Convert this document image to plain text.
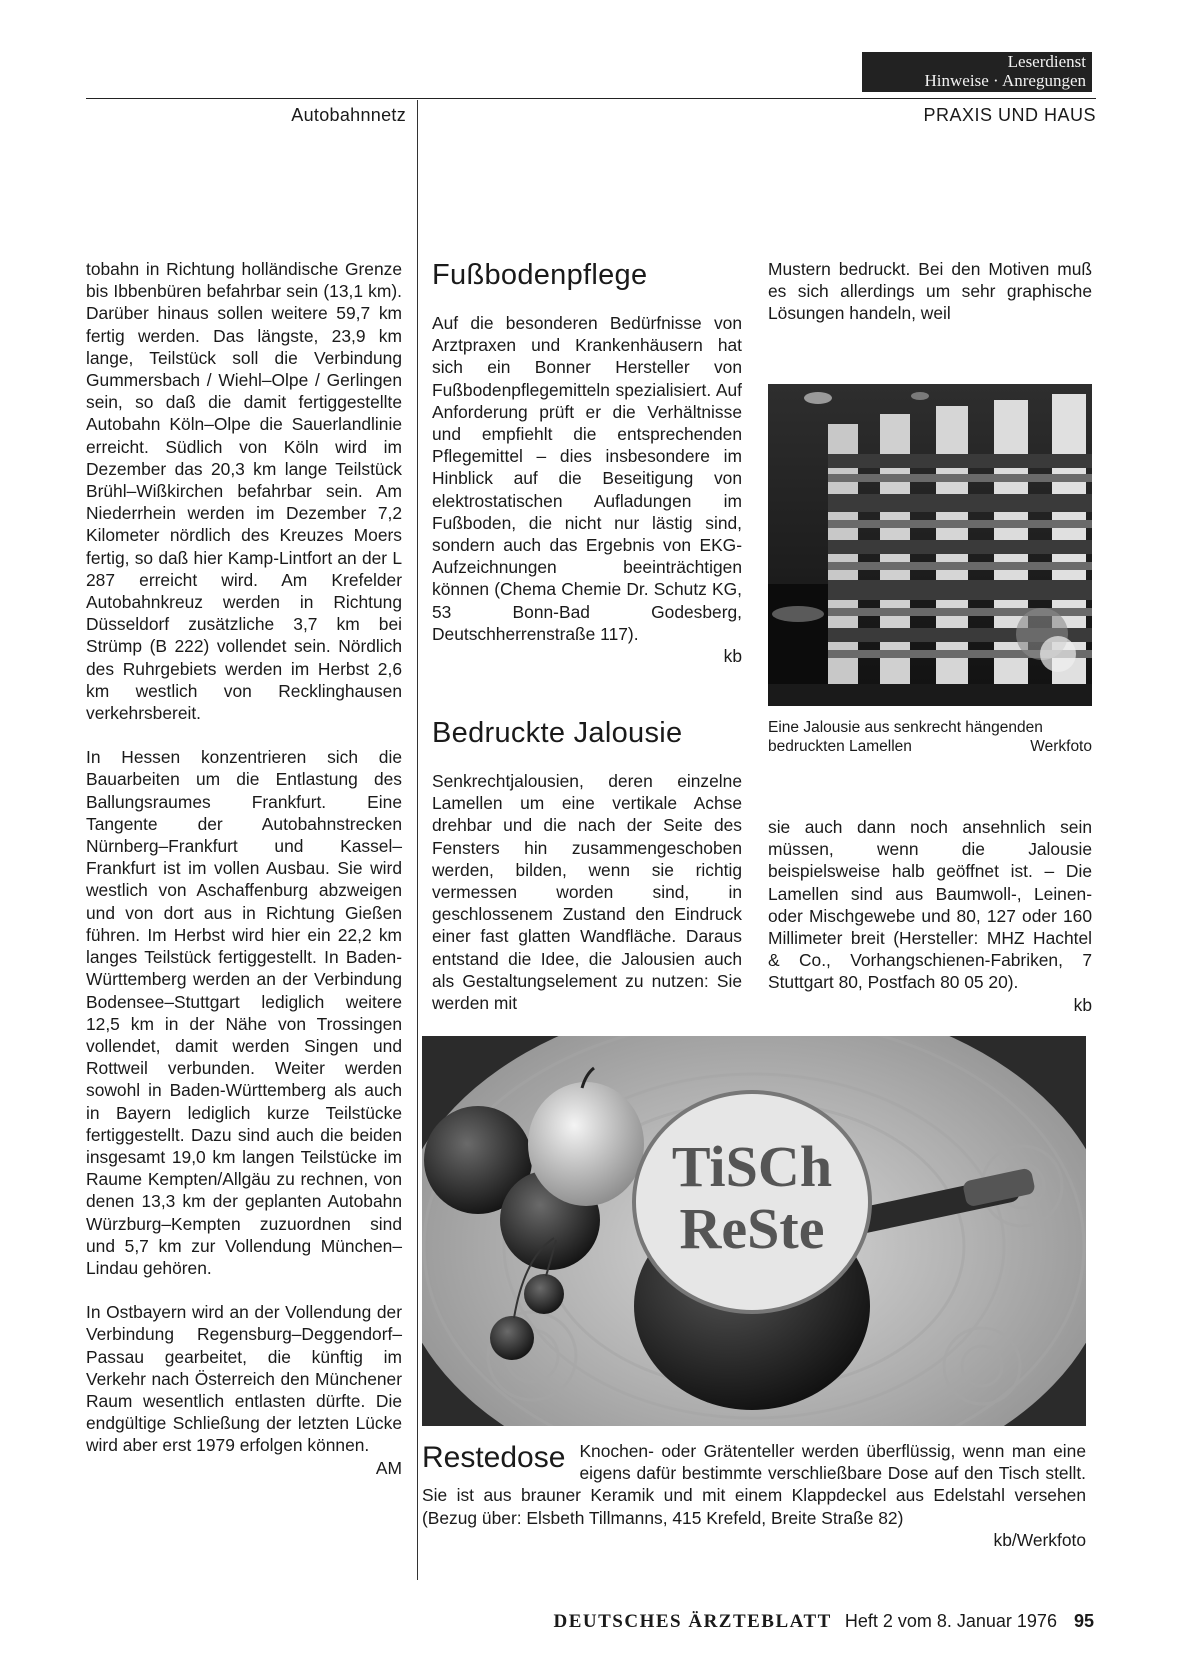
Leserdienst
Hinweise · Anregungen
Autobahnnetz	PRAXIS UND HAUS

tobahn in Richtung holländische Grenze bis Ibbenbüren befahrbar sein (13,1 km). Darüber hinaus sollen weitere 59,7 km fertig werden. Das längste, 23,9 km lange, Teilstück soll die Verbindung Gummersbach / Wiehl–Olpe / Gerlingen sein, so daß die damit fertiggestellte Autobahn Köln–Olpe die Sauerlandlinie erreicht. Südlich von Köln wird im Dezember das 20,3 km lange Teilstück Brühl–Wißkirchen befahrbar sein. Am Niederrhein werden im Dezember 7,2 Kilometer nördlich des Kreuzes Moers fertig, so daß hier Kamp-Lintfort an der L 287 erreicht wird. Am Krefelder Autobahnkreuz werden in Richtung Düsseldorf zusätzliche 3,7 km bei Strümp (B 222) vollendet sein. Nördlich des Ruhrgebiets werden im Herbst 2,6 km westlich von Recklinghausen verkehrsbereit.

In Hessen konzentrieren sich die Bauarbeiten um die Entlastung des Ballungsraumes Frankfurt. Eine Tangente der Autobahnstrecken Nürnberg–Frankfurt und Kassel–Frankfurt ist im vollen Ausbau. Sie wird westlich von Aschaffenburg abzweigen und von dort aus in Richtung Gießen führen. Im Herbst wird hier ein 22,2 km langes Teilstück fertiggestellt. In Baden-Württemberg werden an der Verbindung Bodensee–Stuttgart lediglich weitere 12,5 km in der Nähe von Trossingen vollendet, damit werden Singen und Rottweil verbunden. Weiter werden sowohl in Baden-Württemberg als auch in Bayern lediglich kurze Teilstücke fertiggestellt. Dazu sind auch die beiden insgesamt 19,0 km langen Teilstücke im Raume Kempten/Allgäu zu rechnen, von denen 13,3 km der geplanten Autobahn Würzburg–Kempten zuzuordnen sind und 5,7 km zur Vollendung München–Lindau gehören.

In Ostbayern wird an der Vollendung der Verbindung Regensburg–Deggendorf–Passau gearbeitet, die künftig im Verkehr nach Österreich den Münchener Raum wesentlich entlasten dürfte. Die endgültige Schließung der letzten Lücke wird aber erst 1979 erfolgen können.
AM

Fußbodenpflege

Auf die besonderen Bedürfnisse von Arztpraxen und Krankenhäusern hat sich ein Bonner Hersteller von Fußbodenpflegemitteln spezialisiert. Auf Anforderung prüft er die Verhältnisse und empfiehlt die entsprechenden Pflegemittel – dies insbesondere im Hinblick auf die Beseitigung von elektrostatischen Aufladungen im Fußboden, die nicht nur lästig sind, sondern auch das Ergebnis von EKG-Aufzeichnungen beeinträchtigen können (Chema Chemie Dr. Schutz KG, 53 Bonn-Bad Godesberg, Deutschherrenstraße 117).

kb
Bedruckte Jalousie

Senkrechtjalousien, deren einzelne Lamellen um eine vertikale Achse drehbar und die nach der Seite des Fensters hin zusammengeschoben werden, bilden, wenn sie richtig vermessen worden sind, in geschlossenem Zustand den Eindruck einer fast glatten Wandfläche. Daraus entstand die Idee, die Jalousien auch als Gestaltungselement zu nutzen: Sie werden mit

Mustern bedruckt. Bei den Motiven muß es sich allerdings um sehr graphische Lösungen handeln, weil

Eine Jalousie aus senkrecht hängenden
bedruckten Lamellen	Werkfoto

sie auch dann noch ansehnlich sein müssen, wenn die Jalousie beispielsweise halb geöffnet ist. – Die Lamellen sind aus Baumwoll-, Leinen- oder Mischgewebe und 80, 127 oder 160 Millimeter breit (Hersteller: MHZ Hachtel & Co., Vorhangschienen-Fabriken, 7 Stuttgart 80, Postfach 80 05 20).

kb
TiSCh
ReSte
Restedose Knochen- oder Grätenteller werden überflüssig, wenn man eine eigens dafür bestimmte verschließbare Dose auf den Tisch stellt. Sie ist aus brauner Keramik und mit einem Klappdeckel aus Edelstahl versehen (Bezug über: Elsbeth Tillmanns, 415 Krefeld, Breite Straße 82)
kb/Werkfoto
DEUTSCHES ÄRZTEBLATT Heft 2 vom 8. Januar 1976 95
